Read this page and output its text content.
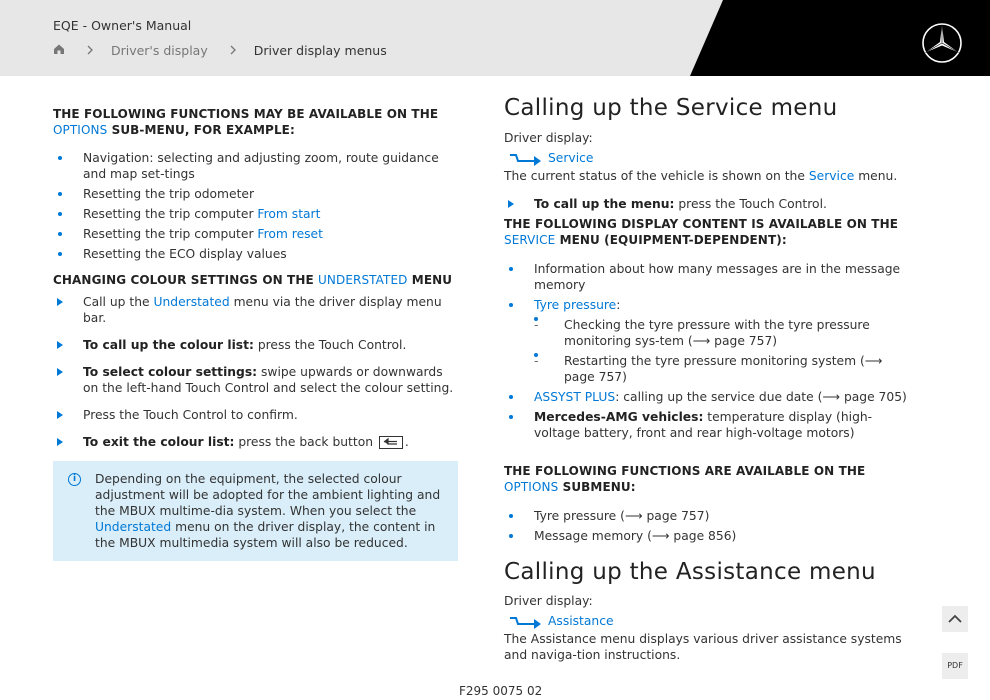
EQE - Owner's Manual
Driver's display	Driver display menus
THE FOLLOWING FUNCTIONS MAY BE AVAILABLE ON THE OPTIONS SUB-MENU, FOR EXAMPLE:
Navigation: selecting and adjusting zoom, route guidance and map set-tings
Resetting the trip odometer
Resetting the trip computer From start
Resetting the trip computer From reset
Resetting the ECO display values
CHANGING COLOUR SETTINGS ON THE UNDERSTATED MENU
Call up the Understated menu via the driver display menu bar.
To call up the colour list: press the Touch Control.
To select colour settings: swipe upwards or downwards on the left-hand Touch Control and select the colour setting.
Press the Touch Control to confirm.
To exit the colour list: press the back button .
i	Depending on the equipment, the selected colour adjustment will be adopted for the ambient lighting and the MBUX multime-dia system. When you select the Understated menu on the driver display, the content in the MBUX multimedia system will also be reduced.
Calling up the Service menu
Driver display:
Service
The current status of the vehicle is shown on the Service menu.
To call up the menu: press the Touch Control.
THE FOLLOWING DISPLAY CONTENT IS AVAILABLE ON THE SERVICE MENU (EQUIPMENT-DEPENDENT):
Information about how many messages are in the message memory
Tyre pressure:
- Checking the tyre pressure with the tyre pressure monitoring sys-tem (⟶ page 757)
- Restarting the tyre pressure monitoring system (⟶ page 757)
ASSYST PLUS: calling up the service due date (⟶ page 705)
Mercedes-AMG vehicles: temperature display (high-voltage battery, front and rear high-voltage motors)
THE FOLLOWING FUNCTIONS ARE AVAILABLE ON THE OPTIONS SUBMENU:
Tyre pressure (⟶ page 757)
Message memory (⟶ page 856)
Calling up the Assistance menu
Driver display:
Assistance
The Assistance menu displays various driver assistance systems and naviga-tion instructions.
PDF
F295 0075 02
